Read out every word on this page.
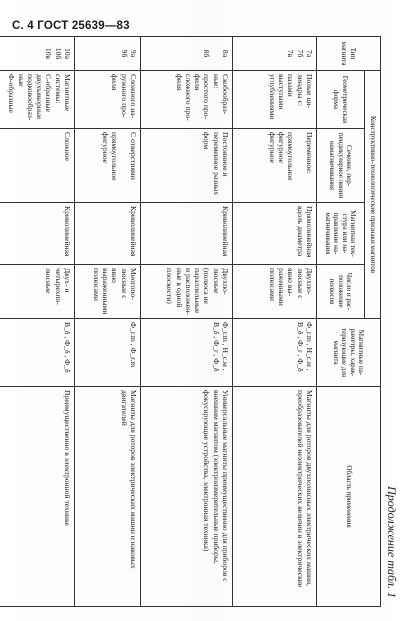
С. 4 ГОСТ 25639—83
Продолжение табл. 1
Тип магнита	Конструктивно-технологические признаки магнитов				Магнитные параметры, характеризующие для магнита	Область применения
	Геометрическая форма	Сечение, перпендикулярное линии намагничивания	Магнитная текстура или направление намагничивания	Число и расположение полюсов		
7а
7б
7в	Полые цилиндры с:
пазами
выступами
углублениями	Переменное:

прямоугольное
фигурное
фигурное	Прямолинейная
вдоль диаметра	Двухполюсные с явно выраженными полюсами	Ф_r.m , H_c.м , B_δ , Ф_r , Ф_δ	Магниты для роторов двухполюсных электрических машин, преобразователей неэлектрических величин в электрические
8а

8б	Скобообразные:
простого профиля
сложного профиля	Постоянное и переменное разных форм	Криволинейная	Двухполюсные (полюса не параллельные и расположенные в одной плоскости)	Ф_r.m , H_c.м , B_δ , Ф_r , Ф_δ	Универсальные магниты преимущественно для приборов с внешним магнитом (электроизмерительные приборы, фокусирующие устройства, электронная техника)
9а
9б	Сложного наружного профиля	С отверстиями

прямоугольное фигурное	Криволинейная	Многополюсные с явно выраженными полюсами	Ф_r.m , Ф_r.m	Магниты для роторов электрических машин и наковых двигателей
10а
10б
10в	Магнитные системы:
С-образные
двухъякорные
подковообразные
Ф-образные	Сложное	Криволинейная	Двух- и четырехполюсные	B_δ , Ф_δ , Ф_δ	Преимущественно в электронной технике
